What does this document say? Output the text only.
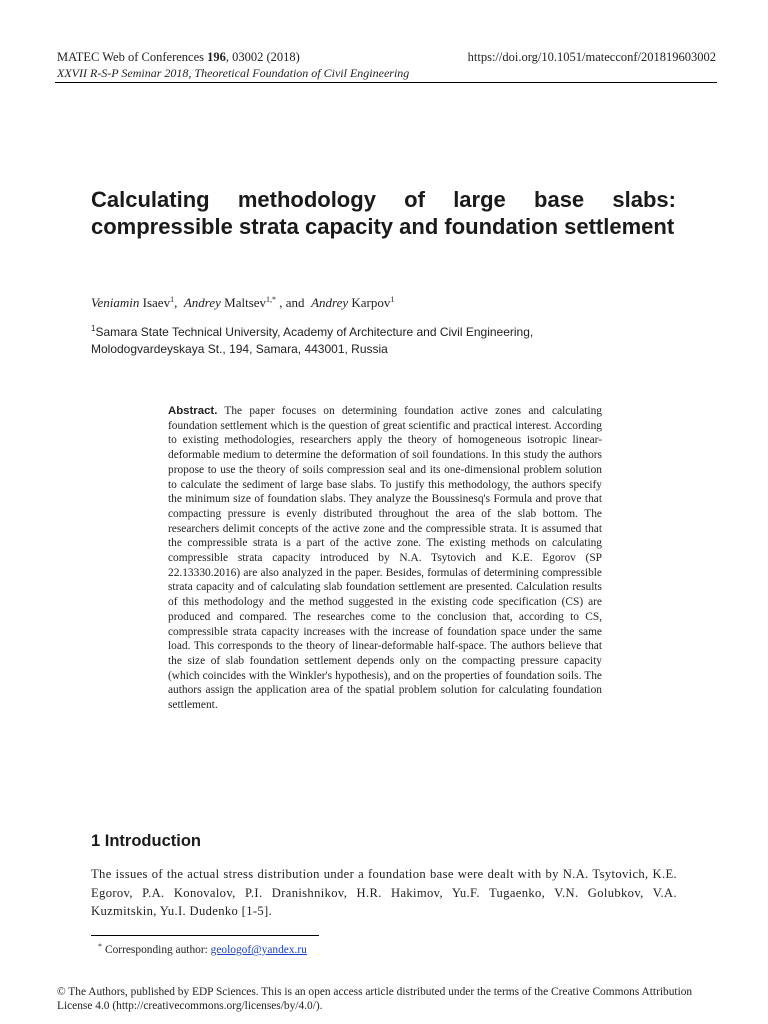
MATEC Web of Conferences 196, 03002 (2018)	https://doi.org/10.1051/matecconf/201819603002
XXVII R-S-P Seminar 2018, Theoretical Foundation of Civil Engineering
Calculating methodology of large base slabs: compressible strata capacity and foundation settlement
Veniamin Isaev$^1$, Andrey Maltsev$^{1,*}$ , and Andrey Karpov$^1$
$^1$Samara State Technical University, Academy of Architecture and Civil Engineering,
Molodogvardeyskaya St., 194, Samara, 443001, Russia

Abstract. The paper focuses on determining foundation active zones and calculating foundation settlement which is the question of great scientific and practical interest. According to existing methodologies, researchers apply the theory of homogeneous isotropic linear-deformable medium to determine the deformation of soil foundations. In this study the authors propose to use the theory of soils compression seal and its one-dimensional problem solution to calculate the sediment of large base slabs. To justify this methodology, the authors specify the minimum size of foundation slabs. They analyze the Boussinesq's Formula and prove that compacting pressure is evenly distributed throughout the area of the slab bottom. The researchers delimit concepts of the active zone and the compressible strata. It is assumed that the compressible strata is a part of the active zone. The existing methods on calculating compressible strata capacity introduced by N.A. Tsytovich and K.E. Egorov (SP 22.13330.2016) are also analyzed in the paper. Besides, formulas of determining compressible strata capacity and of calculating slab foundation settlement are presented. Calculation results of this methodology and the method suggested in the existing code specification (CS) are produced and compared. The researches come to the conclusion that, according to CS, compressible strata capacity increases with the increase of foundation space under the same load. This corresponds to the theory of linear-deformable half-space. The authors believe that the size of slab foundation settlement depends only on the compacting pressure capacity (which coincides with the Winkler's hypothesis), and on the properties of foundation soils. The authors assign the application area of the spatial problem solution for calculating foundation settlement.

1 Introduction

The issues of the actual stress distribution under a foundation base were dealt with by N.A. Tsytovich, K.E. Egorov, P.A. Konovalov, P.I. Dranishnikov, H.R. Hakimov, Yu.F. Tugaenko, V.N. Golubkov, V.A. Kuzmitskin, Yu.I. Dudenko [1-5].

* Corresponding author: geologof@yandex.ru

© The Authors, published by EDP Sciences. This is an open access article distributed under the terms of the Creative Commons Attribution License 4.0 (http://creativecommons.org/licenses/by/4.0/).
